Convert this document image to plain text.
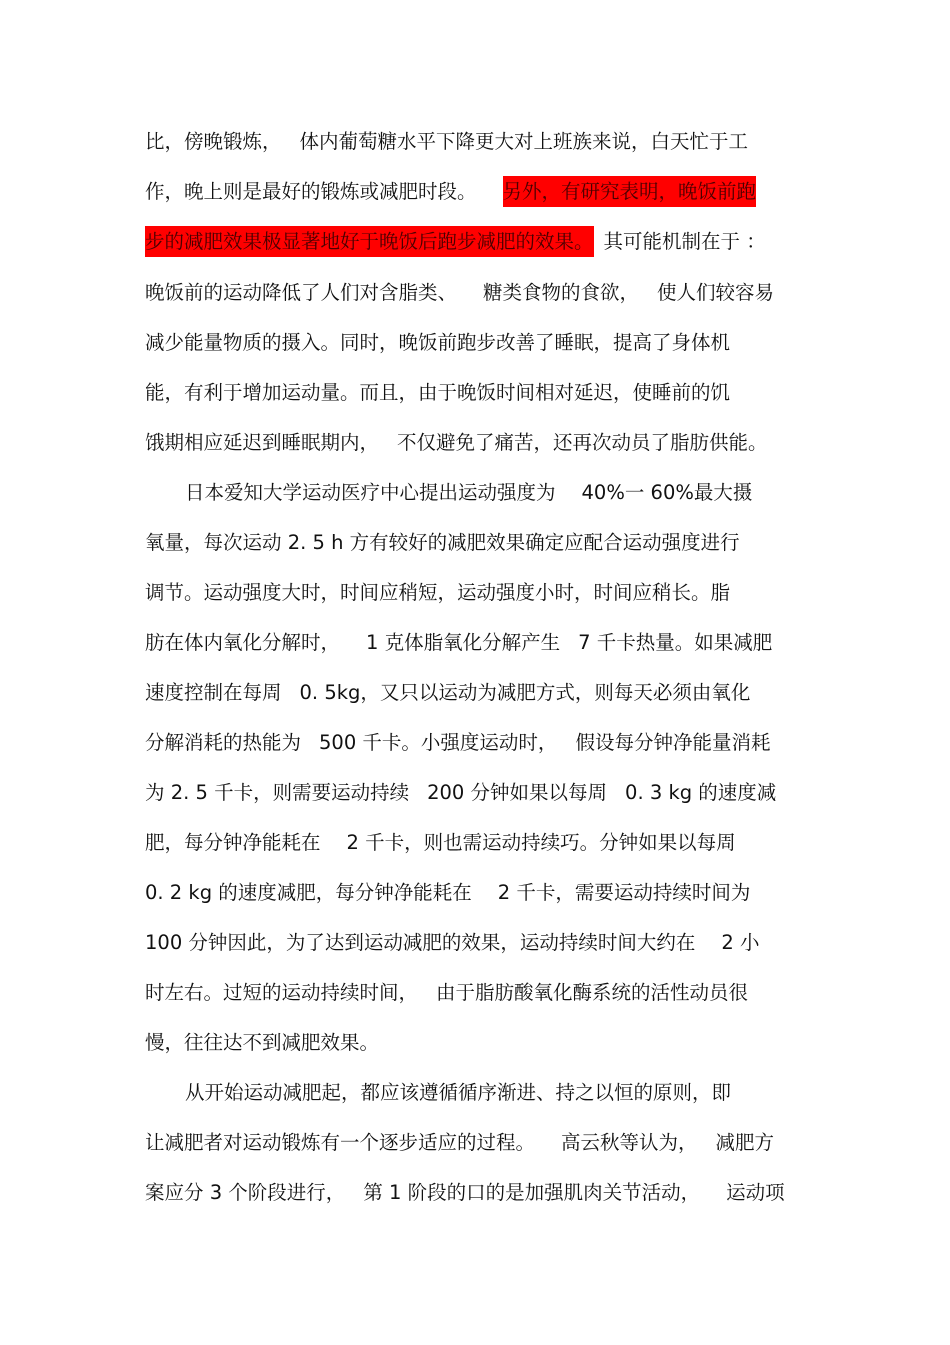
比，傍晚锻炼， 体内葡萄糖水平下降更大对上班族来说，白天忙于工
作，晚上则是最好的锻炼或减肥时段。 另外，有研究表明，晚饭前跑
步的减肥效果极显著地好于晚饭后跑步减肥的效果。 其可能机制在于 ：
晚饭前的运动降低了人们对含脂类、 糖类食物的食欲， 使人们较容易
减少能量物质的摄入。同时，晚饭前跑步改善了睡眠，提高了身体机
能，有利于增加运动量。而且，由于晚饭时间相对延迟，使睡前的饥
饿期相应延迟到睡眠期内， 不仅避免了痛苦，还再次动员了脂肪供能。
日本爱知大学运动医疗中心提出运动强度为 40%一 60%最大摄
氧量，每次运动 2. 5 h 方有较好的减肥效果确定应配合运动强度进行
调节。运动强度大时，时间应稍短，运动强度小时，时间应稍长。脂
肪在体内氧化分解时， 1 克体脂氧化分解产生 7 千卡热量。如果减肥
速度控制在每周 0. 5kg，又只以运动为减肥方式，则每天必须由氧化
分解消耗的热能为 500 千卡。小强度运动时， 假设每分钟净能量消耗
为 2. 5 千卡，则需要运动持续 200 分钟如果以每周 0. 3 kg 的速度减
肥，每分钟净能耗在 2 千卡，则也需运动持续巧。分钟如果以每周
0. 2 kg 的速度减肥，每分钟净能耗在 2 千卡，需要运动持续时间为
100 分钟因此，为了达到运动减肥的效果，运动持续时间大约在 2 小
时左右。过短的运动持续时间， 由于脂肪酸氧化酶系统的活性动员很
慢，往往达不到减肥效果。
从开始运动减肥起，都应该遵循循序渐进、持之以恒的原则，即
让减肥者对运动锻炼有一个逐步适应的过程。 高云秋等认为， 减肥方
案应分 3 个阶段进行， 第 1 阶段的口的是加强肌肉关节活动， 运动项
